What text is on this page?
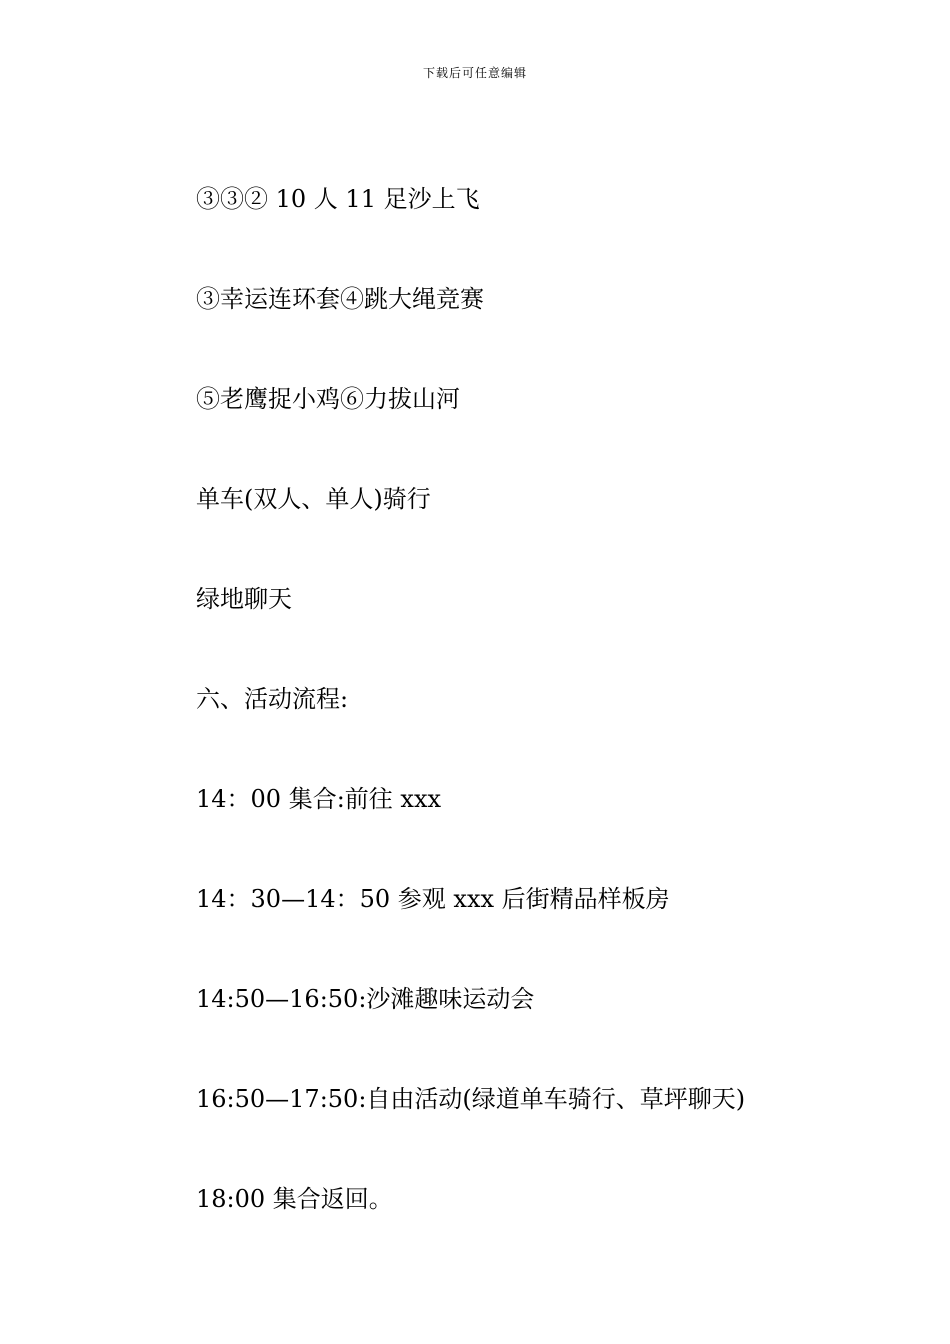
下载后可任意编辑
③③② 10 人 11 足沙上飞
③幸运连环套④跳大绳竞赛
⑤老鹰捉小鸡⑥力拔山河
单车(双人、单人)骑行
绿地聊天
六、活动流程:
14：00 集合:前往 xxx
14：30—14：50 参观 xxx 后街精品样板房
14:50—16:50:沙滩趣味运动会
16:50—17:50:自由活动(绿道单车骑行、草坪聊天)
18:00 集合返回。
